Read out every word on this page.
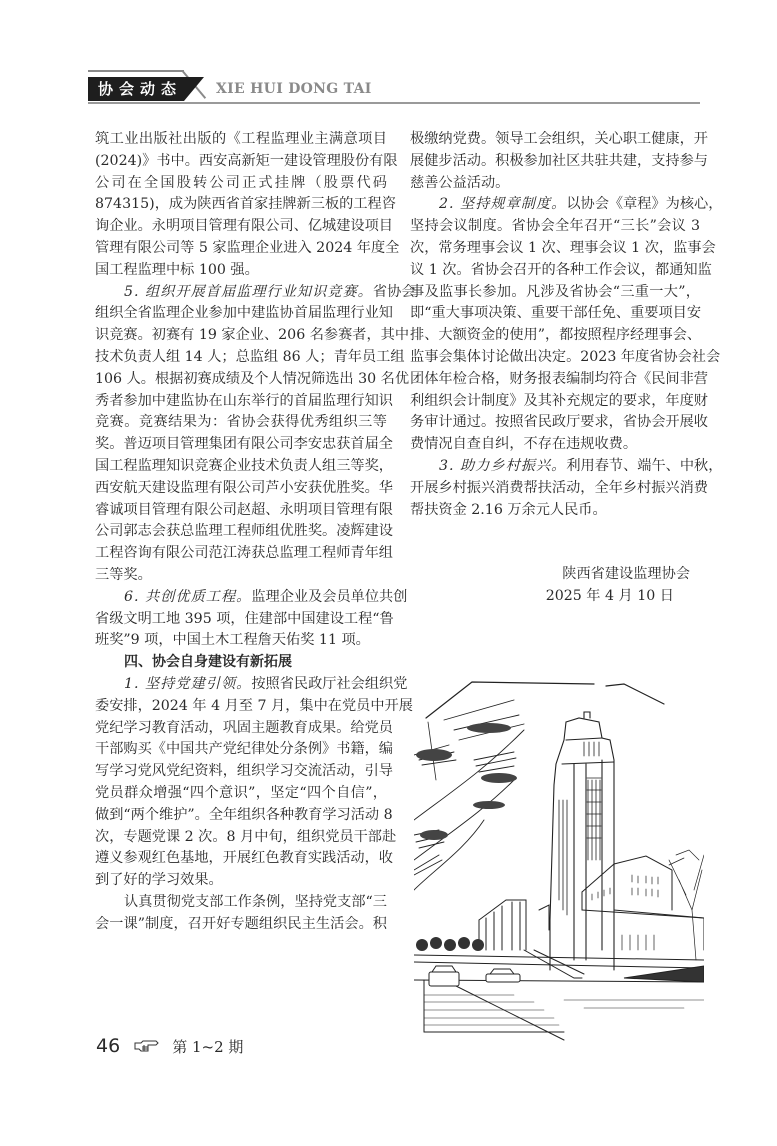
协会动态 XIE HUI DONG TAI
筑工业出版社出版的《工程监理业主满意项目
(2024)》书中。西安高新矩一建设管理股份有限
公司在全国股转公司正式挂牌（股票代码
874315)，成为陕西省首家挂牌新三板的工程咨
询企业。永明项目管理有限公司、亿城建设项目
管理有限公司等 5 家监理企业进入 2024 年度全
国工程监理中标 100 强。
5. 组织开展首届监理行业知识竞赛。省协会
组织全省监理企业参加中建监协首届监理行业知
识竞赛。初赛有 19 家企业、206 名参赛者，其中
技术负责人组 14 人；总监组 86 人；青年员工组
106 人。根据初赛成绩及个人情况筛选出 30 名优
秀者参加中建监协在山东举行的首届监理行知识
竞赛。竞赛结果为：省协会获得优秀组织三等
奖。普迈项目管理集团有限公司李安忠获首届全
国工程监理知识竞赛企业技术负责人组三等奖，
西安航天建设监理有限公司芦小安获优胜奖。华
睿诚项目管理有限公司赵超、永明项目管理有限
公司郭志会获总监理工程师组优胜奖。凌辉建设
工程咨询有限公司范江涛获总监理工程师青年组
三等奖。
6. 共创优质工程。监理企业及会员单位共创
省级文明工地 395 项，住建部中国建设工程“鲁
班奖”9 项，中国土木工程詹天佑奖 11 项。
四、协会自身建设有新拓展
1. 坚持党建引领。按照省民政厅社会组织党
委安排，2024 年 4 月至 7 月，集中在党员中开展
党纪学习教育活动，巩固主题教育成果。给党员
干部购买《中国共产党纪律处分条例》书籍，编
写学习党风党纪资料，组织学习交流活动，引导
党员群众增强“四个意识”，坚定“四个自信”，
做到“两个维护”。全年组织各种教育学习活动 8
次，专题党课 2 次。8 月中旬，组织党员干部赴
遵义参观红色基地，开展红色教育实践活动，收
到了好的学习效果。
认真贯彻党支部工作条例，坚持党支部“三
会一课”制度，召开好专题组织民主生活会。积
极缴纳党费。领导工会组织，关心职工健康，开
展健步活动。积极参加社区共驻共建，支持参与
慈善公益活动。
2. 坚持规章制度。以协会《章程》为核心，
坚持会议制度。省协会全年召开“三长”会议 3
次，常务理事会议 1 次、理事会议 1 次，监事会
议 1 次。省协会召开的各种工作会议，都通知监
事及监事长参加。凡涉及省协会“三重一大”，
即“重大事项决策、重要干部任免、重要项目安
排、大额资金的使用”，都按照程序经理事会、
监事会集体讨论做出决定。2023 年度省协会社会
团体年检合格，财务报表编制均符合《民间非营
利组织会计制度》及其补充规定的要求，年度财
务审计通过。按照省民政厅要求，省协会开展收
费情况自查自纠，不存在违规收费。
3. 助力乡村振兴。利用春节、端午、中秋，
开展乡村振兴消费帮扶活动，全年乡村振兴消费
帮扶资金 2.16 万余元人民币。
陕西省建设监理协会
2025 年 4 月 10 日
46	第 1~2 期
